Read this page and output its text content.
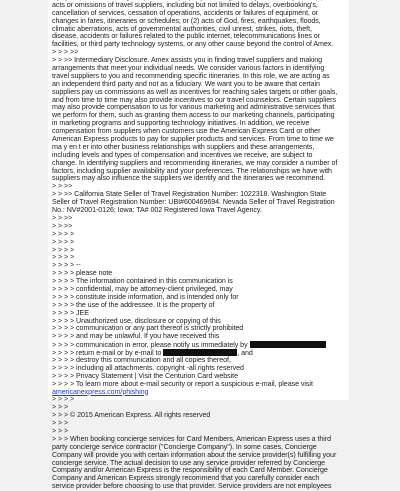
acts or omissions of travel suppliers, including but not limited to delays, overbooking's,
cancellation of services, cessation of operations, accidents or failures of equipment, or
changes in fares, itineraries or schedules; or (2) acts of God, fires, earthquakes, floods,
climatic aberrations, acts of governmental authorities, civil unrest, strikes, riots, theft,
disease, accidents or failures related to the public internet, telecommunications lines or
facilities, or third party technology systems, or any other cause beyond the control of Amex.
> > > >>
> > >> Intermediary Disclosure. Amex assists you in finding travel suppliers and making
arrangements that meet your individual needs. We consider various factors in identifying
travel suppliers to you and recommending specific itineraries. In this role, we are acting as
an independent third party and not as a fiduciary. We want you to be aware that certain
suppliers pay us commissions as well as incentives for reaching sales targets or other goals,
and from time to time may also provide incentives to our travel counselors. Certain suppliers
may also provide compensation to us for various marketing and administrative services that
we perform for them, such as granting them access to our marketing channels, participating
in marketing programs and supporting technology initiatives. In addition, we receive
compensation from suppliers when customers use the American Express Card or other
American Express products to pay for supplier products and services. From time to time we
ma y en t er into other business relationships with suppliers and these arrangements,
including levels and types of compensation and incentives we receive, are subject to
change. In identifying suppliers and recommending itineraries, we may consider a number of
factors, including supplier availability and your preferences. The relationships we have with
suppliers may also influence the suppliers we identify and the itineraries we recommend.
> > >>
> > >> California State Seller of Travel Registration Number: 1022318. Washington State
Seller of Travel Registration Number: UBI#600469694. Nevada Seller of Travel Registration
No.: NV#2001-0126; Iowa: TA# 002 Registered Iowa Travel Agency.
> > >>
> > >>
> > > >
> > > >
> > > >
> > > >
> > > > --
> > > > please note
> > > > The information contained in this communication is
> > > > confidential, may be attorney-client privileged, may
> > > > constitute inside information, and is intended only for
> > > > the use of the addressee. It is the property of
> > > > JEE
> > > > Unauthorized use, disclosure or copying of this
> > > > communication or any part thereof is strictly prohibited
> > > > and may be unlawful. If you have received this
> > > > communication in error, please notify us immediately by
> > > > return e-mail or by e-mail to	, and
> > > > destroy this communication and all copies thereof,
> > > > including all attachments. copyright -all rights reserved
> > > > Privacy Statement | Visit the Centurion Card website
> > > > To learn more about e-mail security or report a suspicious e-mail, please visit
americanexpress.com/phishing
> > > >
> > >
> > > © 2015 American Express. All rights reserved
> > >
> > >
> > > When booking concierge services for Card Members, American Express uses a third
party concierge service contractor ("Concierge Company"). In some cases, Concierge
Company will provide you with certain information about the service provider(s) fulfilling your
concierge service. The actual decision to use any service provider referred by Concierge
Company and/or American Express is the responsibility of each Card Member. Concierge
Company and American Express strongly recommend that you carefully consider each
service provider before choosing to use that provider. Service providers are not employees
